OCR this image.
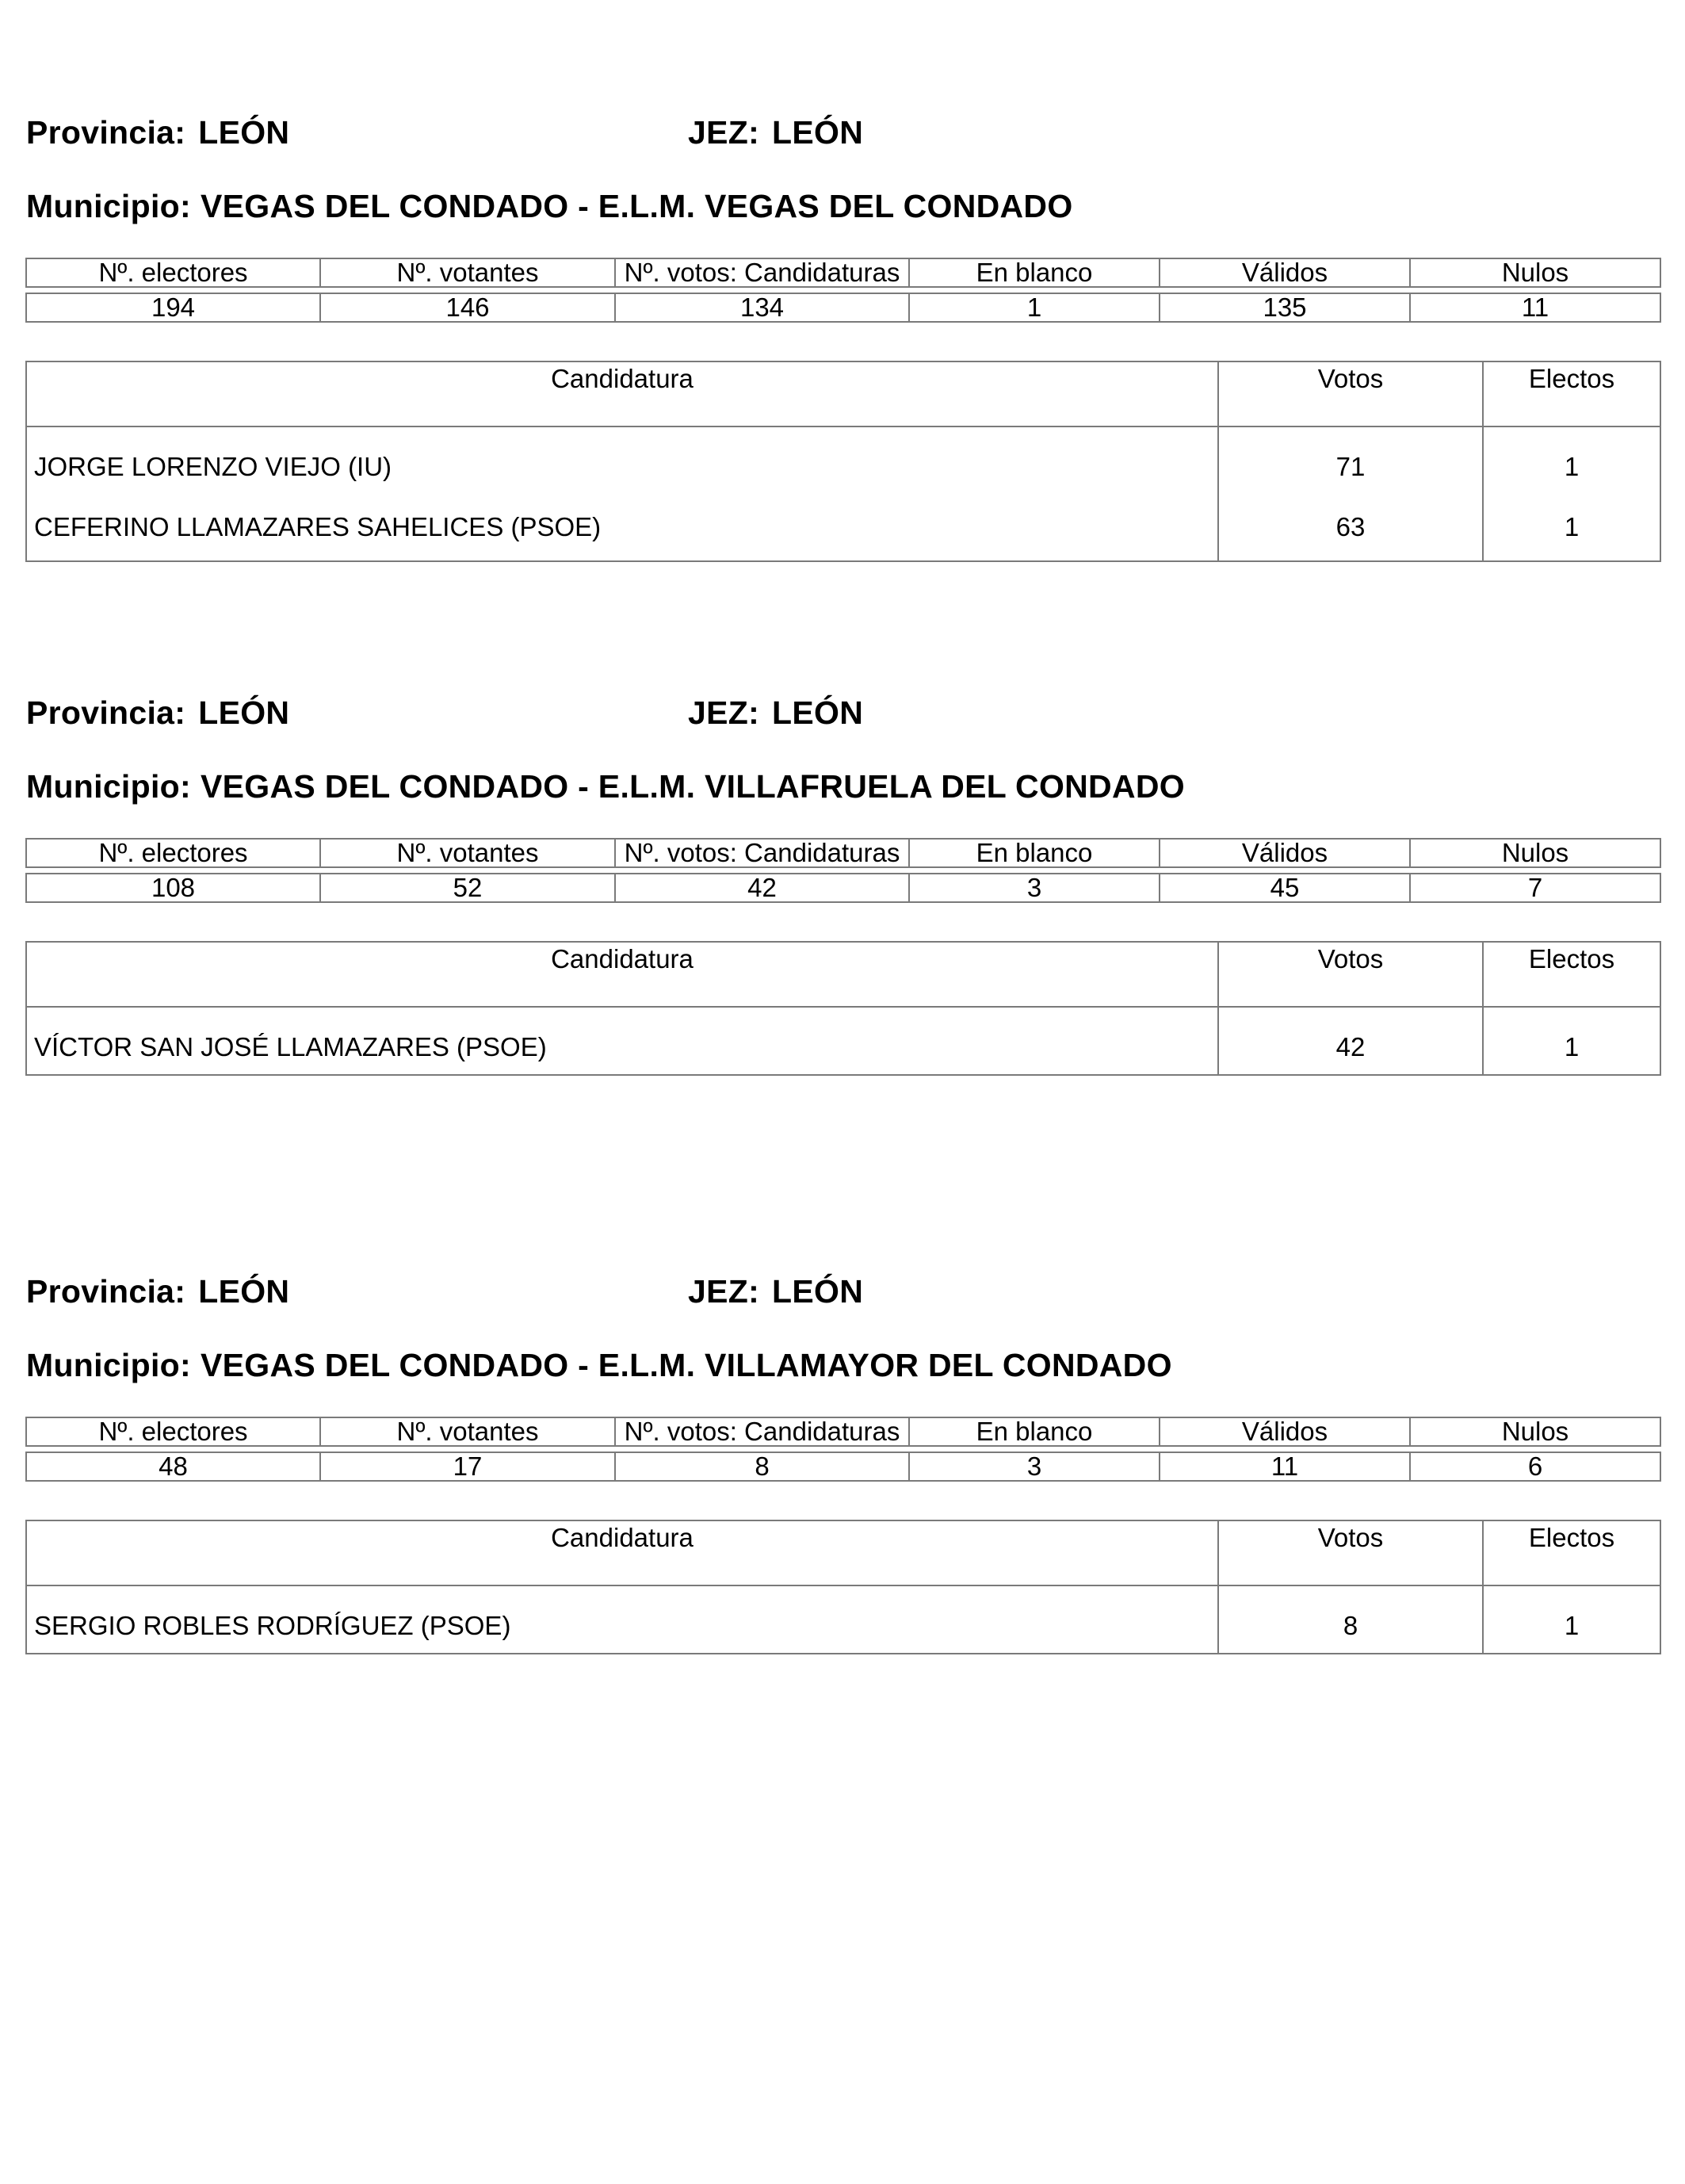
Provincia: LEÓN	JEZ: LEÓN
Municipio: VEGAS DEL CONDADO - E.L.M. VEGAS DEL CONDADO
Nº. electores	Nº. votantes	Nº. votos: Candidaturas	En blanco	Válidos	Nulos

194	146	134	1	135	11
Candidatura	Votos	Electos
JORGE LORENZO VIEJO (IU)	71	1
CEFERINO LLAMAZARES SAHELICES (PSOE)	63	1
Provincia: LEÓN	JEZ: LEÓN
Municipio: VEGAS DEL CONDADO - E.L.M. VILLAFRUELA DEL CONDADO
Nº. electores	Nº. votantes	Nº. votos: Candidaturas	En blanco	Válidos	Nulos

108	52	42	3	45	7
Candidatura	Votos	Electos
VÍCTOR SAN JOSÉ LLAMAZARES (PSOE)	42	1
Provincia: LEÓN	JEZ: LEÓN
Municipio: VEGAS DEL CONDADO - E.L.M. VILLAMAYOR DEL CONDADO
Nº. electores	Nº. votantes	Nº. votos: Candidaturas	En blanco	Válidos	Nulos

48	17	8	3	11	6
Candidatura	Votos	Electos
SERGIO ROBLES RODRÍGUEZ (PSOE)	8	1
